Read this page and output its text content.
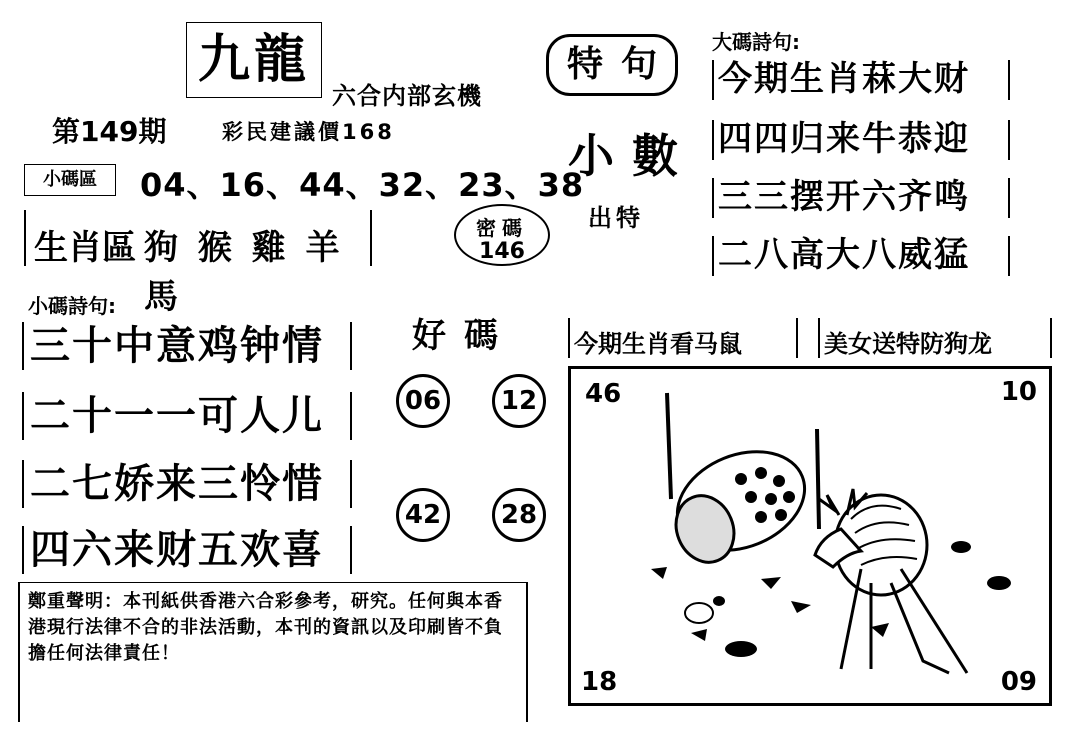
九龍
六合内部玄機
第149期	彩民建議價168
小碼區	04、16、44、32、23、38
生肖區 狗 猴 雞 羊 馬
密碼
146
特句
小數
出特
大碼詩句:
今期生肖菻大财
四四归来牛恭迎
三三摆开六齐鸣
二八高大八威猛
小碼詩句:
三十中意鸡钟情
二十一一可人儿
二七娇来三怜惜
四六来财五欢喜
好碼
06	12
42	28
今期生肖看马鼠	美女送特防狗龙
46	10
18	09
鄭重聲明：本刊紙供香港六合彩參考，研究。任何與本香港現行法律不合的非法活動，本刊的資訊以及印刷皆不負擔任何法律責任！
